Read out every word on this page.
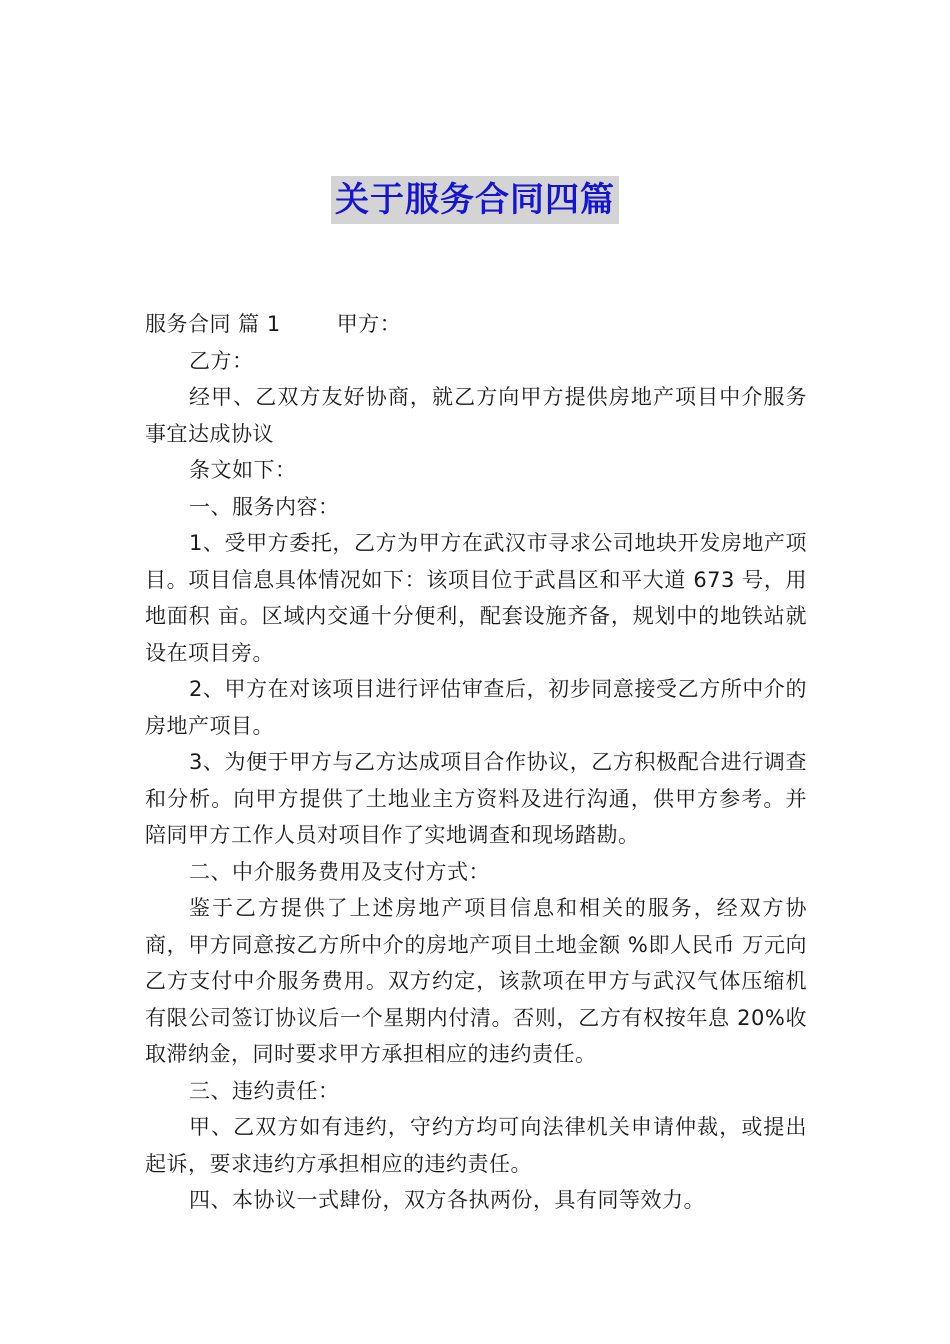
关于服务合同四篇

服务合同 篇 1	甲方：

乙方：

经甲、乙双方友好协商，就乙方向甲方提供房地产项目中介服务事宜达成协议

条文如下：

一、服务内容：

1、受甲方委托，乙方为甲方在武汉市寻求公司地块开发房地产项目。项目信息具体情况如下：该项目位于武昌区和平大道 673 号，用地面积 亩。区域内交通十分便利，配套设施齐备，规划中的地铁站就设在项目旁。

2、甲方在对该项目进行评估审查后，初步同意接受乙方所中介的房地产项目。

3、为便于甲方与乙方达成项目合作协议，乙方积极配合进行调查和分析。向甲方提供了土地业主方资料及进行沟通，供甲方参考。并陪同甲方工作人员对项目作了实地调查和现场踏勘。

二、中介服务费用及支付方式：

鉴于乙方提供了上述房地产项目信息和相关的服务，经双方协商，甲方同意按乙方所中介的房地产项目土地金额 %即人民币 万元向乙方支付中介服务费用。双方约定，该款项在甲方与武汉气体压缩机有限公司签订协议后一个星期内付清。否则，乙方有权按年息 20%收取滞纳金，同时要求甲方承担相应的违约责任。

三、违约责任：

甲、乙双方如有违约，守约方均可向法律机关申请仲裁，或提出起诉，要求违约方承担相应的违约责任。

四、本协议一式肆份，双方各执两份，具有同等效力。
